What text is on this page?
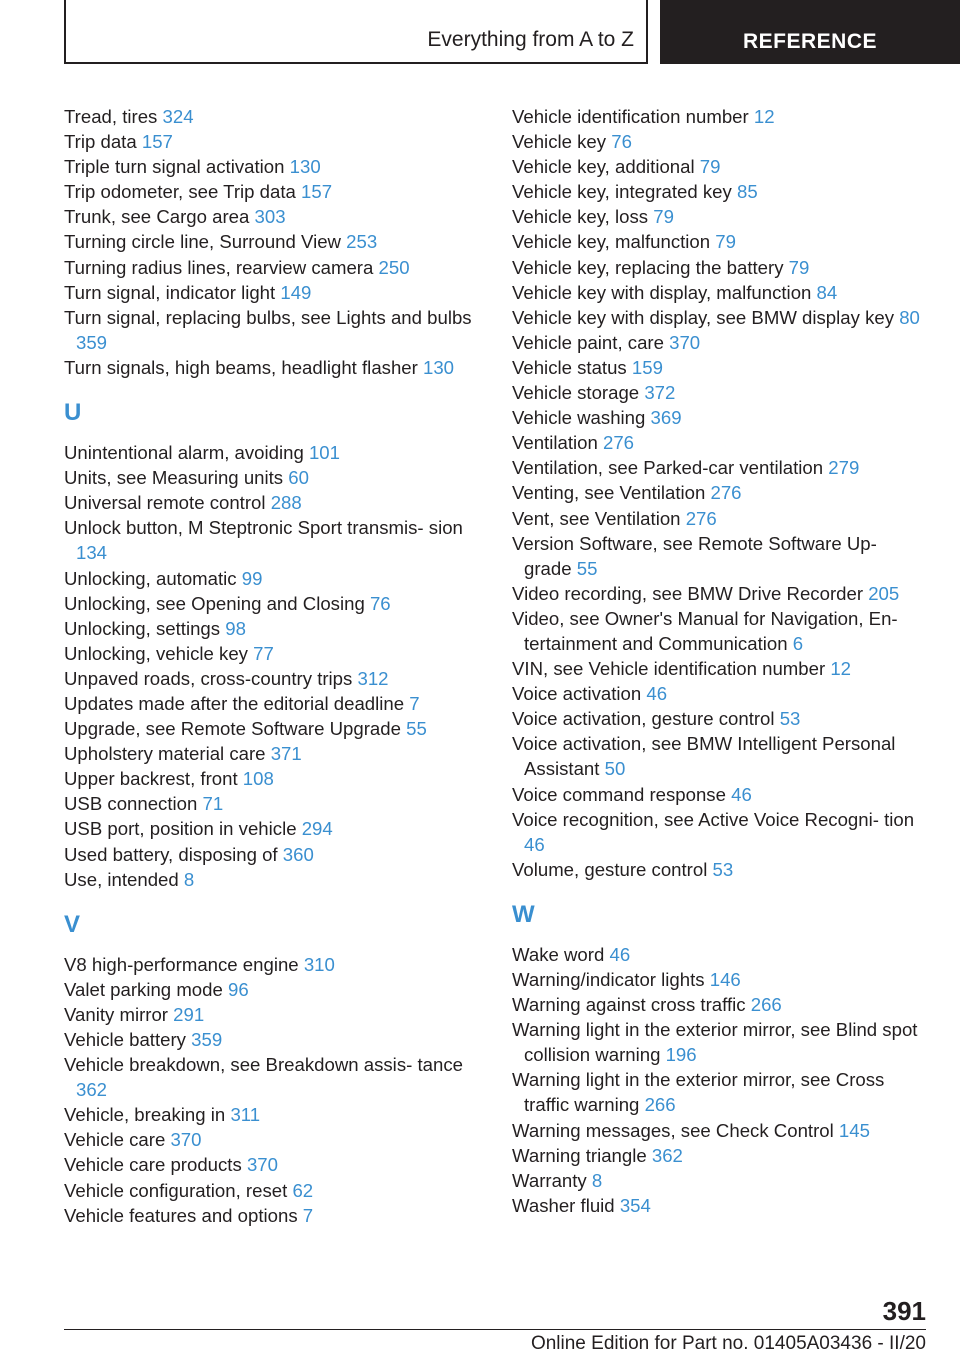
Everything from A to Z	REFERENCE
Tread, tires 324
Trip data 157
Triple turn signal activation 130
Trip odometer, see Trip data 157
Trunk, see Cargo area 303
Turning circle line, Surround View 253
Turning radius lines, rearview camera 250
Turn signal, indicator light 149
Turn signal, replacing bulbs, see Lights and bulbs 359
Turn signals, high beams, headlight flasher 130
U
Unintentional alarm, avoiding 101
Units, see Measuring units 60
Universal remote control 288
Unlock button, M Steptronic Sport transmis- sion 134
Unlocking, automatic 99
Unlocking, see Opening and Closing 76
Unlocking, settings 98
Unlocking, vehicle key 77
Unpaved roads, cross-country trips 312
Updates made after the editorial deadline 7
Upgrade, see Remote Software Upgrade 55
Upholstery material care 371
Upper backrest, front 108
USB connection 71
USB port, position in vehicle 294
Used battery, disposing of 360
Use, intended 8
V
V8 high-performance engine 310
Valet parking mode 96
Vanity mirror 291
Vehicle battery 359
Vehicle breakdown, see Breakdown assis- tance 362
Vehicle, breaking in 311
Vehicle care 370
Vehicle care products 370
Vehicle configuration, reset 62
Vehicle features and options 7
Vehicle identification number 12
Vehicle key 76
Vehicle key, additional 79
Vehicle key, integrated key 85
Vehicle key, loss 79
Vehicle key, malfunction 79
Vehicle key, replacing the battery 79
Vehicle key with display, malfunction 84
Vehicle key with display, see BMW display key 80
Vehicle paint, care 370
Vehicle status 159
Vehicle storage 372
Vehicle washing 369
Ventilation 276
Ventilation, see Parked-car ventilation 279
Venting, see Ventilation 276
Vent, see Ventilation 276
Version Software, see Remote Software Up- grade 55
Video recording, see BMW Drive Recorder 205
Video, see Owner's Manual for Navigation, En- tertainment and Communication 6
VIN, see Vehicle identification number 12
Voice activation 46
Voice activation, gesture control 53
Voice activation, see BMW Intelligent Personal Assistant 50
Voice command response 46
Voice recognition, see Active Voice Recogni- tion 46
Volume, gesture control 53
W
Wake word 46
Warning/indicator lights 146
Warning against cross traffic 266
Warning light in the exterior mirror, see Blind spot collision warning 196
Warning light in the exterior mirror, see Cross traffic warning 266
Warning messages, see Check Control 145
Warning triangle 362
Warranty 8
Washer fluid 354
391
Online Edition for Part no. 01405A03436 - II/20
